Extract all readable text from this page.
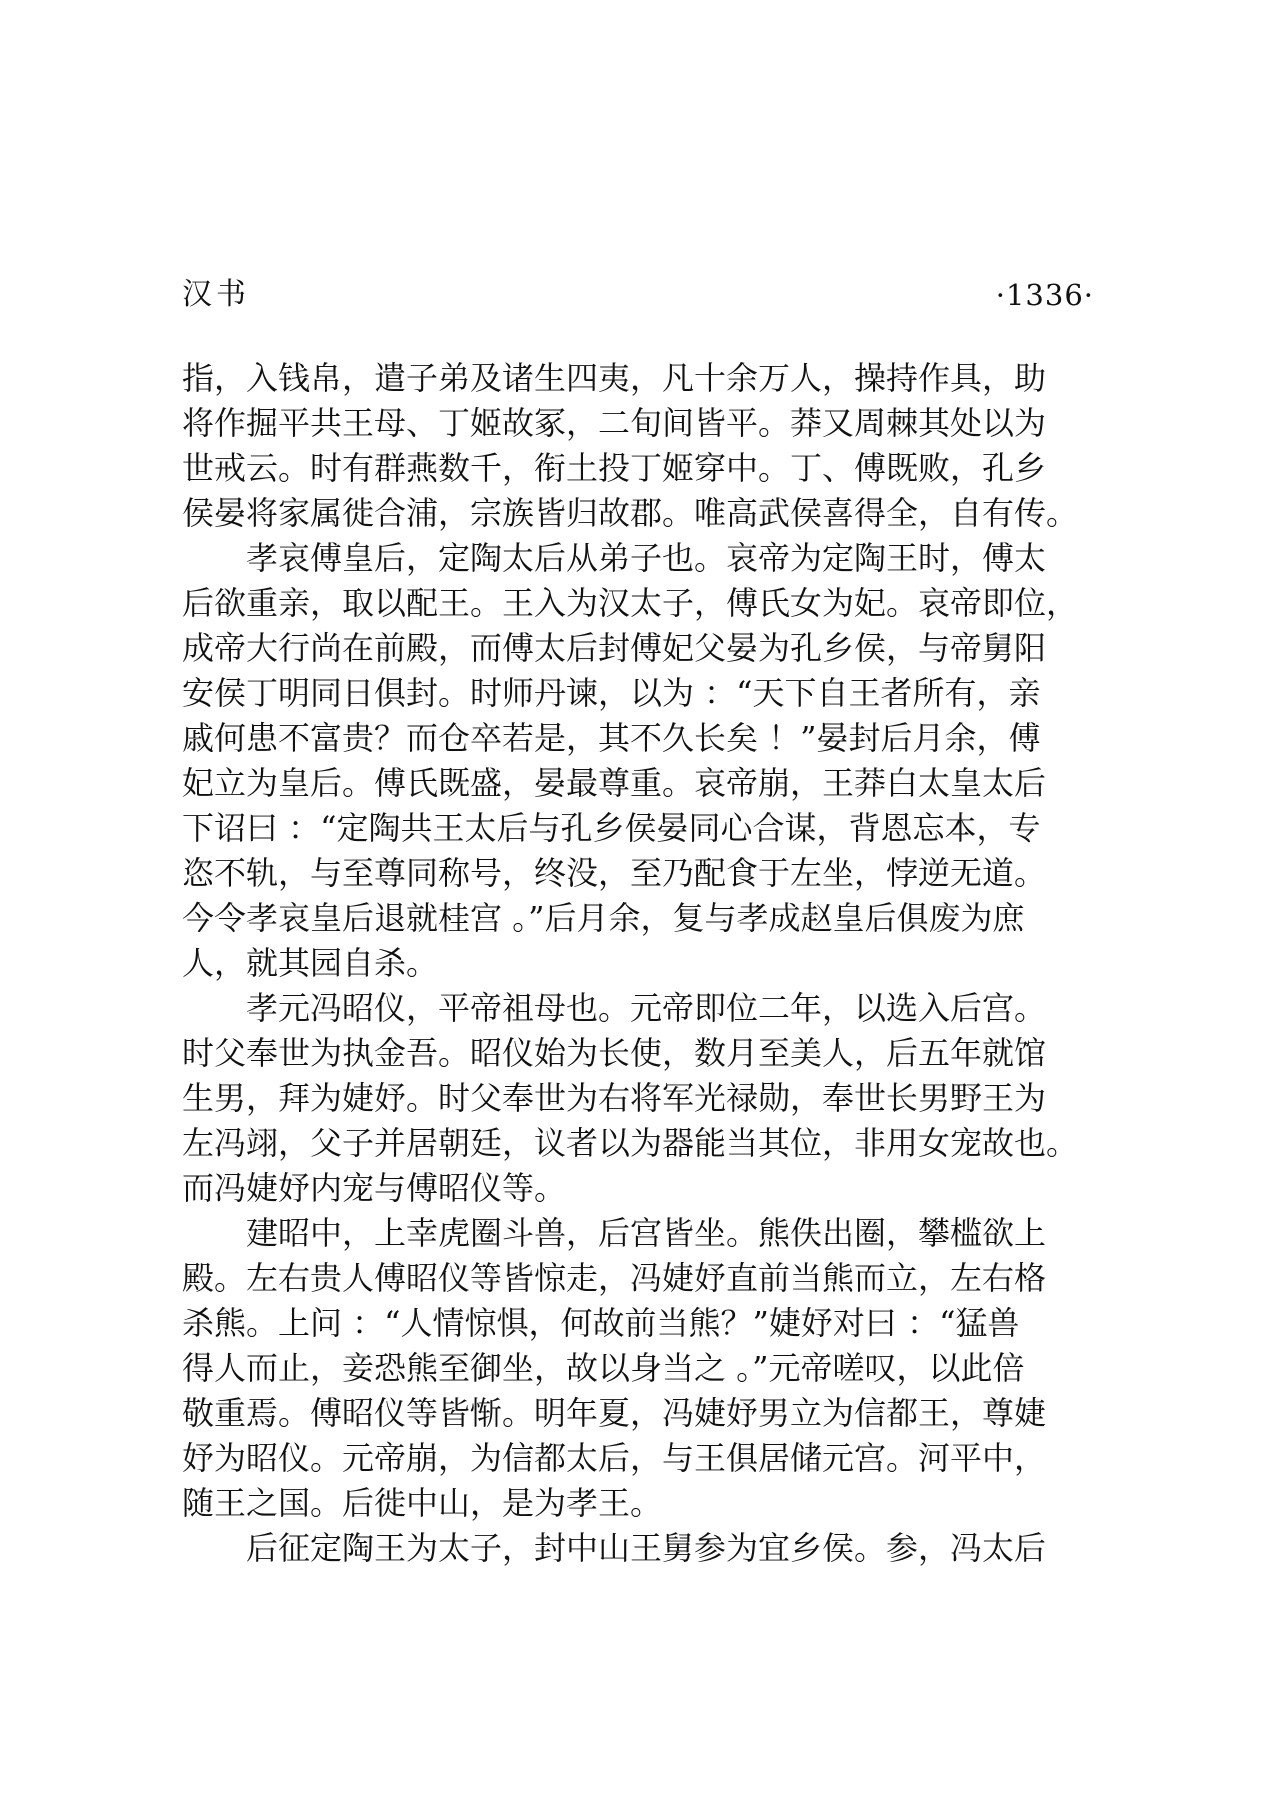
汉书	·1336·
指，入钱帛，遣子弟及诸生四夷，凡十余万人，操持作具，助
将作掘平共王母、丁姬故冢，二旬间皆平。莽又周棘其处以为
世戒云。时有群燕数千，衔土投丁姬穿中。丁、傅既败，孔乡
侯晏将家属徙合浦，宗族皆归故郡。唯高武侯喜得全，自有传。
孝哀傅皇后，定陶太后从弟子也。哀帝为定陶王时，傅太
后欲重亲，取以配王。王入为汉太子，傅氏女为妃。哀帝即位，
成帝大行尚在前殿，而傅太后封傅妃父晏为孔乡侯，与帝舅阳
安侯丁明同日俱封。时师丹谏，以为 ：“天下自王者所有，亲
戚何患不富贵？而仓卒若是，其不久长矣 ！”晏封后月余，傅
妃立为皇后。傅氏既盛，晏最尊重。哀帝崩，王莽白太皇太后
下诏曰 ：“定陶共王太后与孔乡侯晏同心合谋，背恩忘本，专
恣不轨，与至尊同称号，终没，至乃配食于左坐，悖逆无道。
今令孝哀皇后退就桂宫 。”后月余，复与孝成赵皇后俱废为庶
人，就其园自杀。
孝元冯昭仪，平帝祖母也。元帝即位二年，以选入后宫。
时父奉世为执金吾。昭仪始为长使，数月至美人，后五年就馆
生男，拜为婕妤。时父奉世为右将军光禄勋，奉世长男野王为
左冯翊，父子并居朝廷，议者以为器能当其位，非用女宠故也。
而冯婕妤内宠与傅昭仪等。
建昭中，上幸虎圈斗兽，后宫皆坐。熊佚出圈，攀槛欲上
殿。左右贵人傅昭仪等皆惊走，冯婕妤直前当熊而立，左右格
杀熊。上问 ：“人情惊惧，何故前当熊？”婕妤对曰 ：“猛兽
得人而止，妾恐熊至御坐，故以身当之 。”元帝嗟叹，以此倍
敬重焉。傅昭仪等皆惭。明年夏，冯婕妤男立为信都王，尊婕
妤为昭仪。元帝崩，为信都太后，与王俱居储元宫。河平中，
随王之国。后徙中山，是为孝王。
后征定陶王为太子，封中山王舅参为宜乡侯。参，冯太后
